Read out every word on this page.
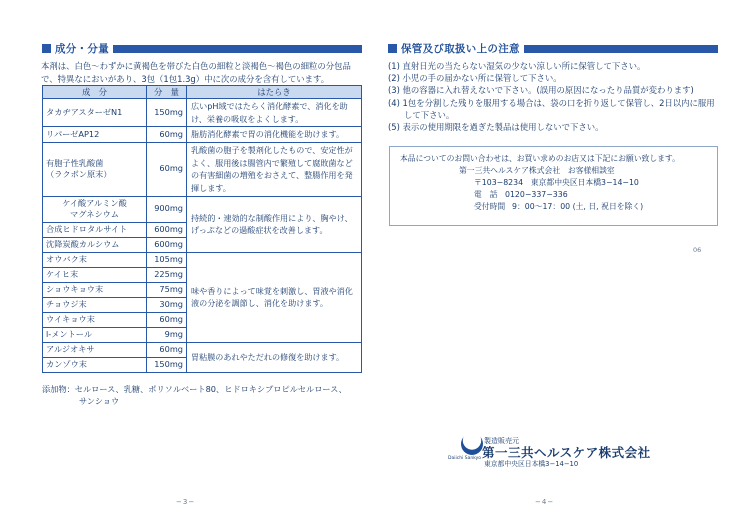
成分・分量

本剤は、白色～わずかに黄褐色を帯びた白色の細粒と淡褐色～褐色の細粒の分包品で、特異なにおいがあり、3包（1包1.3g）中に次の成分を含有しています。

成　分	分　量	はたらき
タカヂアスターゼN1	150mg	広いpH域ではたらく消化酵素で、消化を助け、栄養の吸収をよくします。
リパーゼAP12	60mg	脂肪消化酵素で胃の消化機能を助けます。
有胞子性乳酸菌
（ラクボン原末）	60mg	乳酸菌の胞子を製剤化したもので、安定性がよく、服用後は腸管内で繁殖して腐敗菌などの有害細菌の増殖をおさえて、整腸作用を発揮します。
ケイ酸アルミン酸
マグネシウム	900mg	持続的・速効的な制酸作用により、胸やけ、げっぷなどの過酸症状を改善します。
合成ヒドロタルサイト	600mg	
沈降炭酸カルシウム	600mg	
オウバク末	105mg	味や香りによって味覚を刺激し、胃液や消化液の分泌を調節し、消化を助けます。
ケイヒ末	225mg	
ショウキョウ末	75mg	
チョウジ末	30mg	
ウイキョウ末	60mg	
l-メントール	9mg	
アルジオキサ	60mg	胃粘膜のあれやただれの修復を助けます。
カンゾウ末	150mg	
添加物：セルロース、乳糖、ポリソルベート80、ヒドロキシプロピルセルロース、
サンショウ
−3−
保管及び取扱い上の注意
(1) 直射日光の当たらない湿気の少ない涼しい所に保管して下さい。
(2) 小児の手の届かない所に保管して下さい。
(3) 他の容器に入れ替えないで下さい。(誤用の原因になったり品質が変わります)
(4) 1包を分割した残りを服用する場合は、袋の口を折り返して保管し、2日以内に服用して下さい。
(5) 表示の使用期限を過ぎた製品は使用しないで下さい。
本品についてのお問い合わせは、お買い求めのお店又は下記にお願い致します。
第一三共ヘルスケア株式会社　お客様相談室
〒103−8234　東京都中央区日本橋3−14−10
電　話 0120−337−336
受付時間 9：00～17：00 (土, 日, 祝日を除く)
06
Daiichi Sankyo
製造販売元
第一三共ヘルスケア株式会社
東京都中央区日本橋3−14−10
−4−
